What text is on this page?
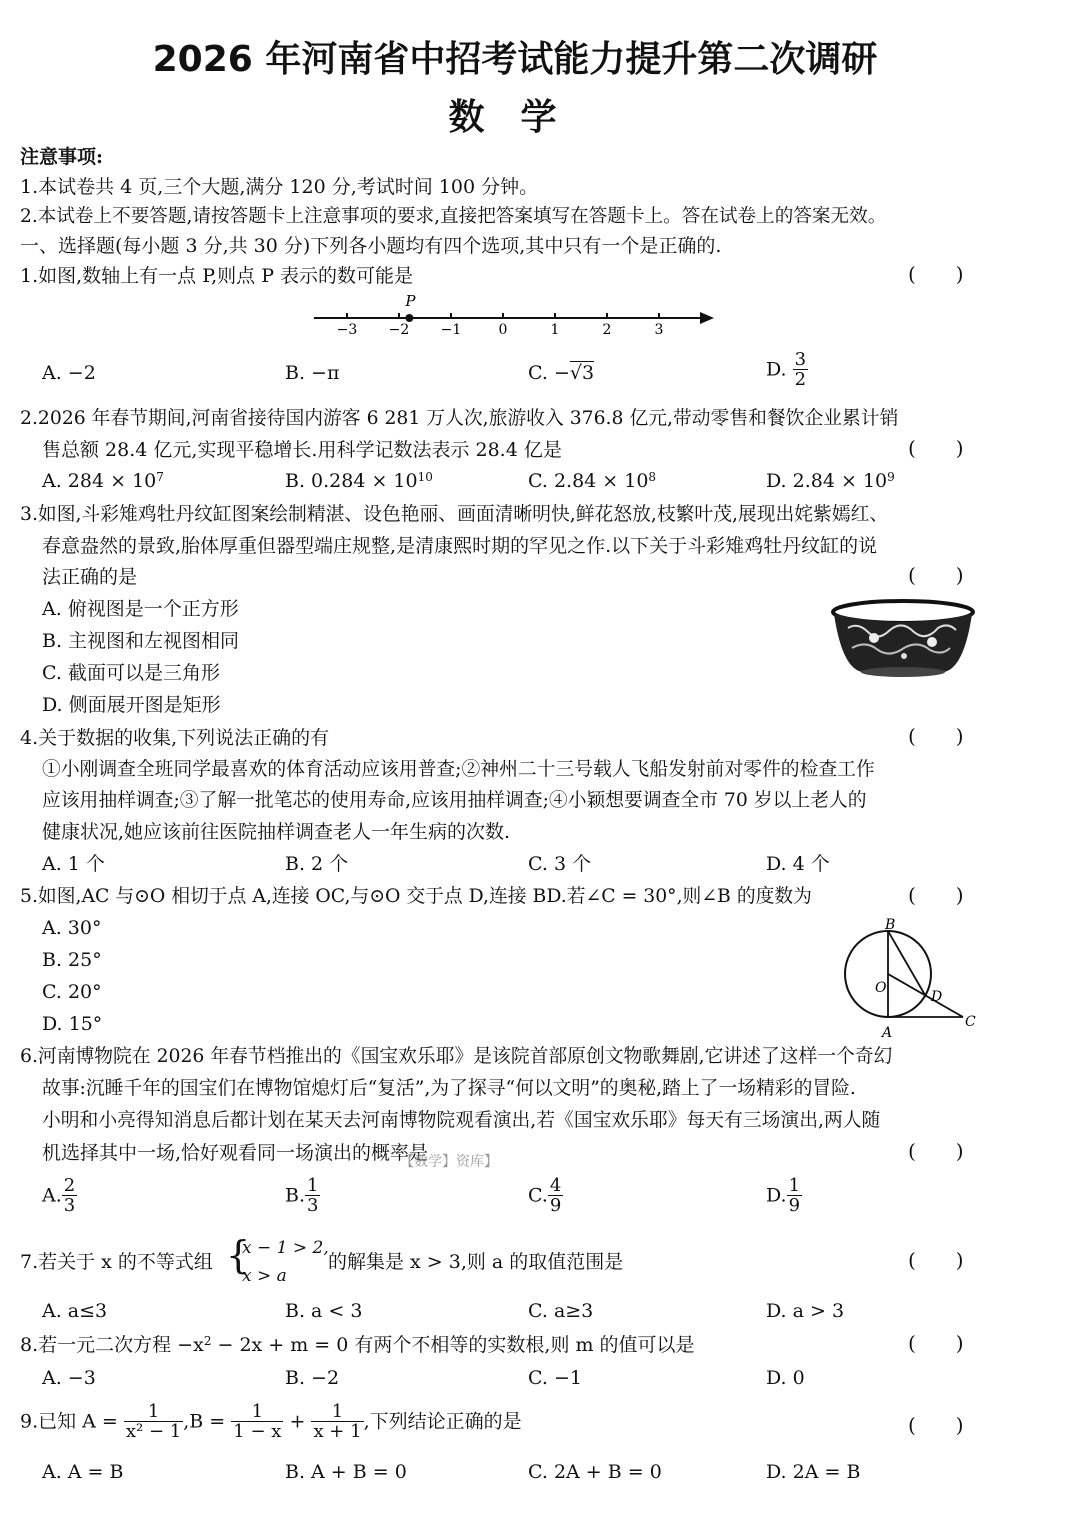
2026 年河南省中招考试能力提升第二次调研
数　学
注意事项:
1.本试卷共 4 页,三个大题,满分 120 分,考试时间 100 分钟。
2.本试卷上不要答题,请按答题卡上注意事项的要求,直接把答案填写在答题卡上。答在试卷上的答案无效。
一、选择题(每小题 3 分,共 30 分)下列各小题均有四个选项,其中只有一个是正确的.
1.如图,数轴上有一点 P,则点 P 表示的数可能是	(　　)
−3 −2 −1	0	1	2	3
P
A. −2	B. −π	C. −√3	D. $\frac{3}{2}$
2.2026 年春节期间,河南省接待国内游客 6 281 万人次,旅游收入 376.8 亿元,带动零售和餐饮企业累计销
售总额 28.4 亿元,实现平稳增长.用科学记数法表示 28.4 亿是	(　　)
A. $284 \times 10^7$	B. $0.284 \times 10^{10}$	C. $2.84 \times 10^8$	D. $2.84 \times 10^9$
3.如图,斗彩雉鸡牡丹纹缸图案绘制精湛、设色艳丽、画面清晰明快,鲜花怒放,枝繁叶茂,展现出姹紫嫣红、
春意盎然的景致,胎体厚重但器型端庄规整,是清康熙时期的罕见之作.以下关于斗彩雉鸡牡丹纹缸的说
法正确的是	(　　)
A. 俯视图是一个正方形
B. 主视图和左视图相同
C. 截面可以是三角形
D. 侧面展开图是矩形
4.关于数据的收集,下列说法正确的有	(　　)
①小刚调查全班同学最喜欢的体育活动应该用普查;②神州二十三号载人飞船发射前对零件的检查工作
应该用抽样调查;③了解一批笔芯的使用寿命,应该用抽样调查;④小颖想要调查全市 70 岁以上老人的
健康状况,她应该前往医院抽样调查老人一年生病的次数.
A. 1 个	B. 2 个	C. 3 个	D. 4 个
5.如图,AC 与⊙O 相切于点 A,连接 OC,与⊙O 交于点 D,连接 BD.若∠C = 30°,则∠B 的度数为	(　　)
A. 30°
B. 25°
C. 20°
D. 15°
B
O
D
A
C
6.河南博物院在 2026 年春节档推出的《国宝欢乐耶》是该院首部原创文物歌舞剧,它讲述了这样一个奇幻
故事:沉睡千年的国宝们在博物馆熄灯后“复活”,为了探寻“何以文明”的奥秘,踏上了一场精彩的冒险.
小明和小亮得知消息后都计划在某天去河南博物院观看演出,若《国宝欢乐耶》每天有三场演出,两人随
机选择其中一场,恰好观看同一场演出的概率是
【数学】资库】	(　　)
A. $\frac{2}{3}$	B. $\frac{1}{3}$	C. $\frac{4}{9}$	D. $\frac{1}{9}$
7.若关于 x 的不等式组 {
x − 1 > 2,
x > a
的解集是 x > 3,则 a 的取值范围是	(　　)
A. a≤3	B. a < 3	C. a≥3	D. a > 3
8.若一元二次方程 $-x^2 - 2x + m = 0$ 有两个不相等的实数根,则 m 的值可以是	(　　)
A. −3	B. −2	C. −1	D. 0
9.已知 $A = \frac{1}{\text{x² − 1}} ,B = \frac{1}{1 - x} + \frac{1}{x + 1}$ ,下列结论正确的是	(　　)
A. A = B	B. A + B = 0	C. 2A + B = 0	D. 2A = B
